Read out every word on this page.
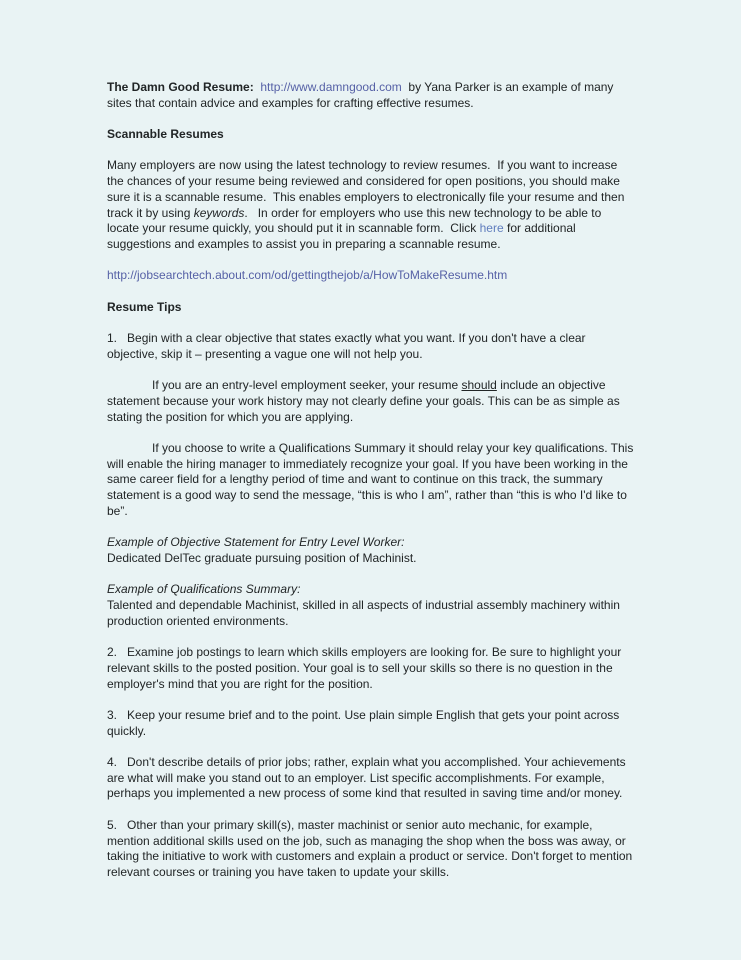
The Damn Good Resume: http://www.damngood.com  by Yana Parker is an example of many sites that contain advice and examples for crafting effective resumes.
Scannable Resumes
Many employers are now using the latest technology to review resumes.  If you want to increase the chances of your resume being reviewed and considered for open positions, you should make sure it is a scannable resume.  This enables employers to electronically file your resume and then track it by using keywords.   In order for employers who use this new technology to be able to locate your resume quickly, you should put it in scannable form.  Click here for additional suggestions and examples to assist you in preparing a scannable resume.
http://jobsearchtech.about.com/od/gettingthejob/a/HowToMakeResume.htm
Resume Tips
1.   Begin with a clear objective that states exactly what you want. If you don't have a clear objective, skip it – presenting a vague one will not help you.
If you are an entry-level employment seeker, your resume should include an objective statement because your work history may not clearly define your goals. This can be as simple as stating the position for which you are applying.
If you choose to write a Qualifications Summary it should relay your key qualifications. This will enable the hiring manager to immediately recognize your goal. If you have been working in the same career field for a lengthy period of time and want to continue on this track, the summary statement is a good way to send the message, “this is who I am”, rather than “this is who I'd like to be”.
Example of Objective Statement for Entry Level Worker:
Dedicated DelTec graduate pursuing position of Machinist.
Example of Qualifications Summary:
Talented and dependable Machinist, skilled in all aspects of industrial assembly machinery within production oriented environments.
2.   Examine job postings to learn which skills employers are looking for. Be sure to highlight your relevant skills to the posted position. Your goal is to sell your skills so there is no question in the employer's mind that you are right for the position.
3.   Keep your resume brief and to the point. Use plain simple English that gets your point across quickly.
4.   Don't describe details of prior jobs; rather, explain what you accomplished. Your achievements are what will make you stand out to an employer. List specific accomplishments. For example, perhaps you implemented a new process of some kind that resulted in saving time and/or money.
5.   Other than your primary skill(s), master machinist or senior auto mechanic, for example, mention additional skills used on the job, such as managing the shop when the boss was away, or taking the initiative to work with customers and explain a product or service. Don't forget to mention relevant courses or training you have taken to update your skills.
